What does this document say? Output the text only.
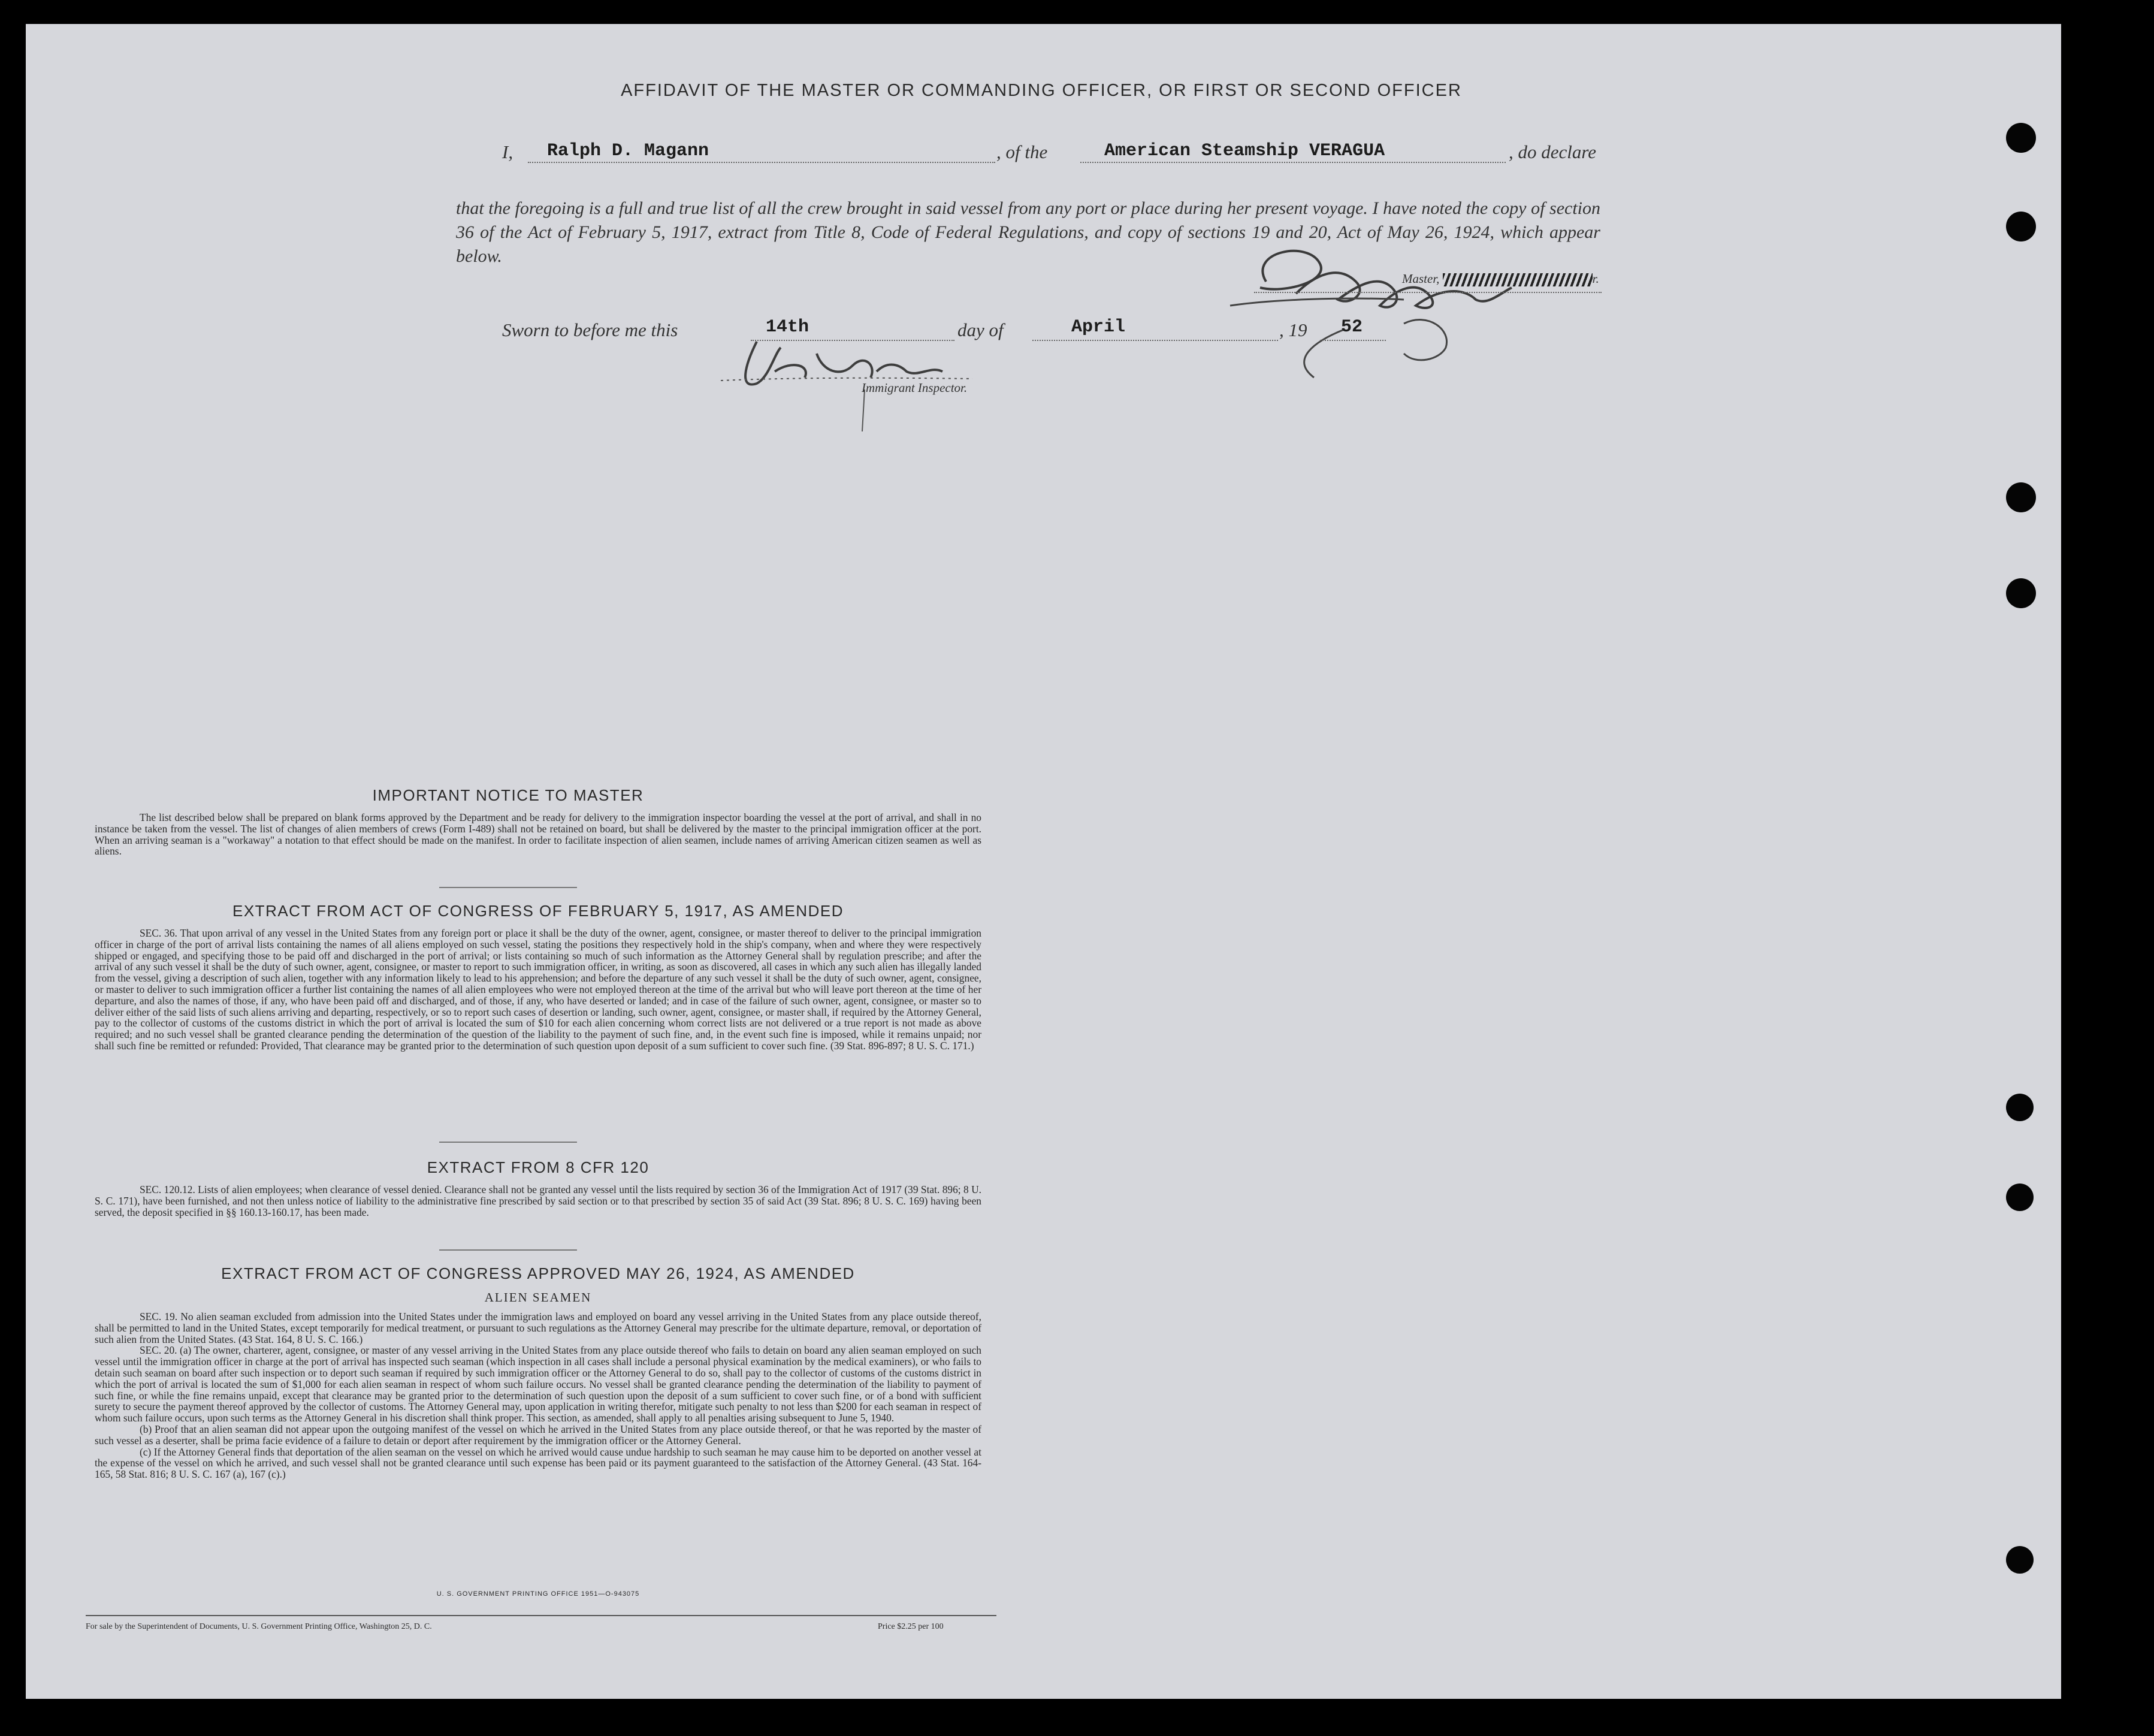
AFFIDAVIT OF THE MASTER OR COMMANDING OFFICER, OR FIRST OR SECOND OFFICER
I, Ralph D. Magann	, of the	American Steamship VERAGUA	, do declare
that the foregoing is a full and true list of all the crew brought in said vessel from any port or place during her present voyage. I have noted the copy of section 36 of the Act of February 5, 1917, extract from Title 8, Code of Federal Regulations, and copy of sections 19 and 20, Act of May 26, 1924, which appear below.
Master,	r.
Sworn to before me this	14th	day of	April	, 19 52
Immigrant Inspector.
IMPORTANT NOTICE TO MASTER
The list described below shall be prepared on blank forms approved by the Department and be ready for delivery to the immigration inspector boarding the vessel at the port of arrival, and shall in no instance be taken from the vessel. The list of changes of alien members of crews (Form I-489) shall not be retained on board, but shall be delivered by the master to the principal immigration officer at the port. When an arriving seaman is a "workaway" a notation to that effect should be made on the manifest. In order to facilitate inspection of alien seamen, include names of arriving American citizen seamen as well as aliens.
EXTRACT FROM ACT OF CONGRESS OF FEBRUARY 5, 1917, AS AMENDED
SEC. 36. That upon arrival of any vessel in the United States from any foreign port or place it shall be the duty of the owner, agent, consignee, or master thereof to deliver to the principal immigration officer in charge of the port of arrival lists containing the names of all aliens employed on such vessel, stating the positions they respectively hold in the ship's company, when and where they were respectively shipped or engaged, and specifying those to be paid off and discharged in the port of arrival; or lists containing so much of such information as the Attorney General shall by regulation prescribe; and after the arrival of any such vessel it shall be the duty of such owner, agent, consignee, or master to report to such immigration officer, in writing, as soon as discovered, all cases in which any such alien has illegally landed from the vessel, giving a description of such alien, together with any information likely to lead to his apprehension; and before the departure of any such vessel it shall be the duty of such owner, agent, consignee, or master to deliver to such immigration officer a further list containing the names of all alien employees who were not employed thereon at the time of the arrival but who will leave port thereon at the time of her departure, and also the names of those, if any, who have been paid off and discharged, and of those, if any, who have deserted or landed; and in case of the failure of such owner, agent, consignee, or master so to deliver either of the said lists of such aliens arriving and departing, respectively, or so to report such cases of desertion or landing, such owner, agent, consignee, or master shall, if required by the Attorney General, pay to the collector of customs of the customs district in which the port of arrival is located the sum of $10 for each alien concerning whom correct lists are not delivered or a true report is not made as above required; and no such vessel shall be granted clearance pending the determination of the question of the liability to the payment of such fine, and, in the event such fine is imposed, while it remains unpaid; nor shall such fine be remitted or refunded: Provided, That clearance may be granted prior to the determination of such question upon deposit of a sum sufficient to cover such fine. (39 Stat. 896-897; 8 U. S. C. 171.)
EXTRACT FROM 8 CFR 120
SEC. 120.12. Lists of alien employees; when clearance of vessel denied. Clearance shall not be granted any vessel until the lists required by section 36 of the Immigration Act of 1917 (39 Stat. 896; 8 U. S. C. 171), have been furnished, and not then unless notice of liability to the administrative fine prescribed by said section or to that prescribed by section 35 of said Act (39 Stat. 896; 8 U. S. C. 169) having been served, the deposit specified in §§ 160.13-160.17, has been made.
EXTRACT FROM ACT OF CONGRESS APPROVED MAY 26, 1924, AS AMENDED
ALIEN SEAMEN
SEC. 19. No alien seaman excluded from admission into the United States under the immigration laws and employed on board any vessel arriving in the United States from any place outside thereof, shall be permitted to land in the United States, except temporarily for medical treatment, or pursuant to such regulations as the Attorney General may prescribe for the ultimate departure, removal, or deportation of such alien from the United States. (43 Stat. 164, 8 U. S. C. 166.)
SEC. 20. (a) The owner, charterer, agent, consignee, or master of any vessel arriving in the United States from any place outside thereof who fails to detain on board any alien seaman employed on such vessel until the immigration officer in charge at the port of arrival has inspected such seaman (which inspection in all cases shall include a personal physical examination by the medical examiners), or who fails to detain such seaman on board after such inspection or to deport such seaman if required by such immigration officer or the Attorney General to do so, shall pay to the collector of customs of the customs district in which the port of arrival is located the sum of $1,000 for each alien seaman in respect of whom such failure occurs. No vessel shall be granted clearance pending the determination of the liability to payment of such fine, or while the fine remains unpaid, except that clearance may be granted prior to the determination of such question upon the deposit of a sum sufficient to cover such fine, or of a bond with sufficient surety to secure the payment thereof approved by the collector of customs. The Attorney General may, upon application in writing therefor, mitigate such penalty to not less than $200 for each seaman in respect of whom such failure occurs, upon such terms as the Attorney General in his discretion shall think proper. This section, as amended, shall apply to all penalties arising subsequent to June 5, 1940.
(b) Proof that an alien seaman did not appear upon the outgoing manifest of the vessel on which he arrived in the United States from any place outside thereof, or that he was reported by the master of such vessel as a deserter, shall be prima facie evidence of a failure to detain or deport after requirement by the immigration officer or the Attorney General.
(c) If the Attorney General finds that deportation of the alien seaman on the vessel on which he arrived would cause undue hardship to such seaman he may cause him to be deported on another vessel at the expense of the vessel on which he arrived, and such vessel shall not be granted clearance until such expense has been paid or its payment guaranteed to the satisfaction of the Attorney General. (43 Stat. 164-165, 58 Stat. 816; 8 U. S. C. 167 (a), 167 (c).)
U. S. GOVERNMENT PRINTING OFFICE 1951—O-943075
For sale by the Superintendent of Documents, U. S. Government Printing Office, Washington 25, D. C.	Price $2.25 per 100
